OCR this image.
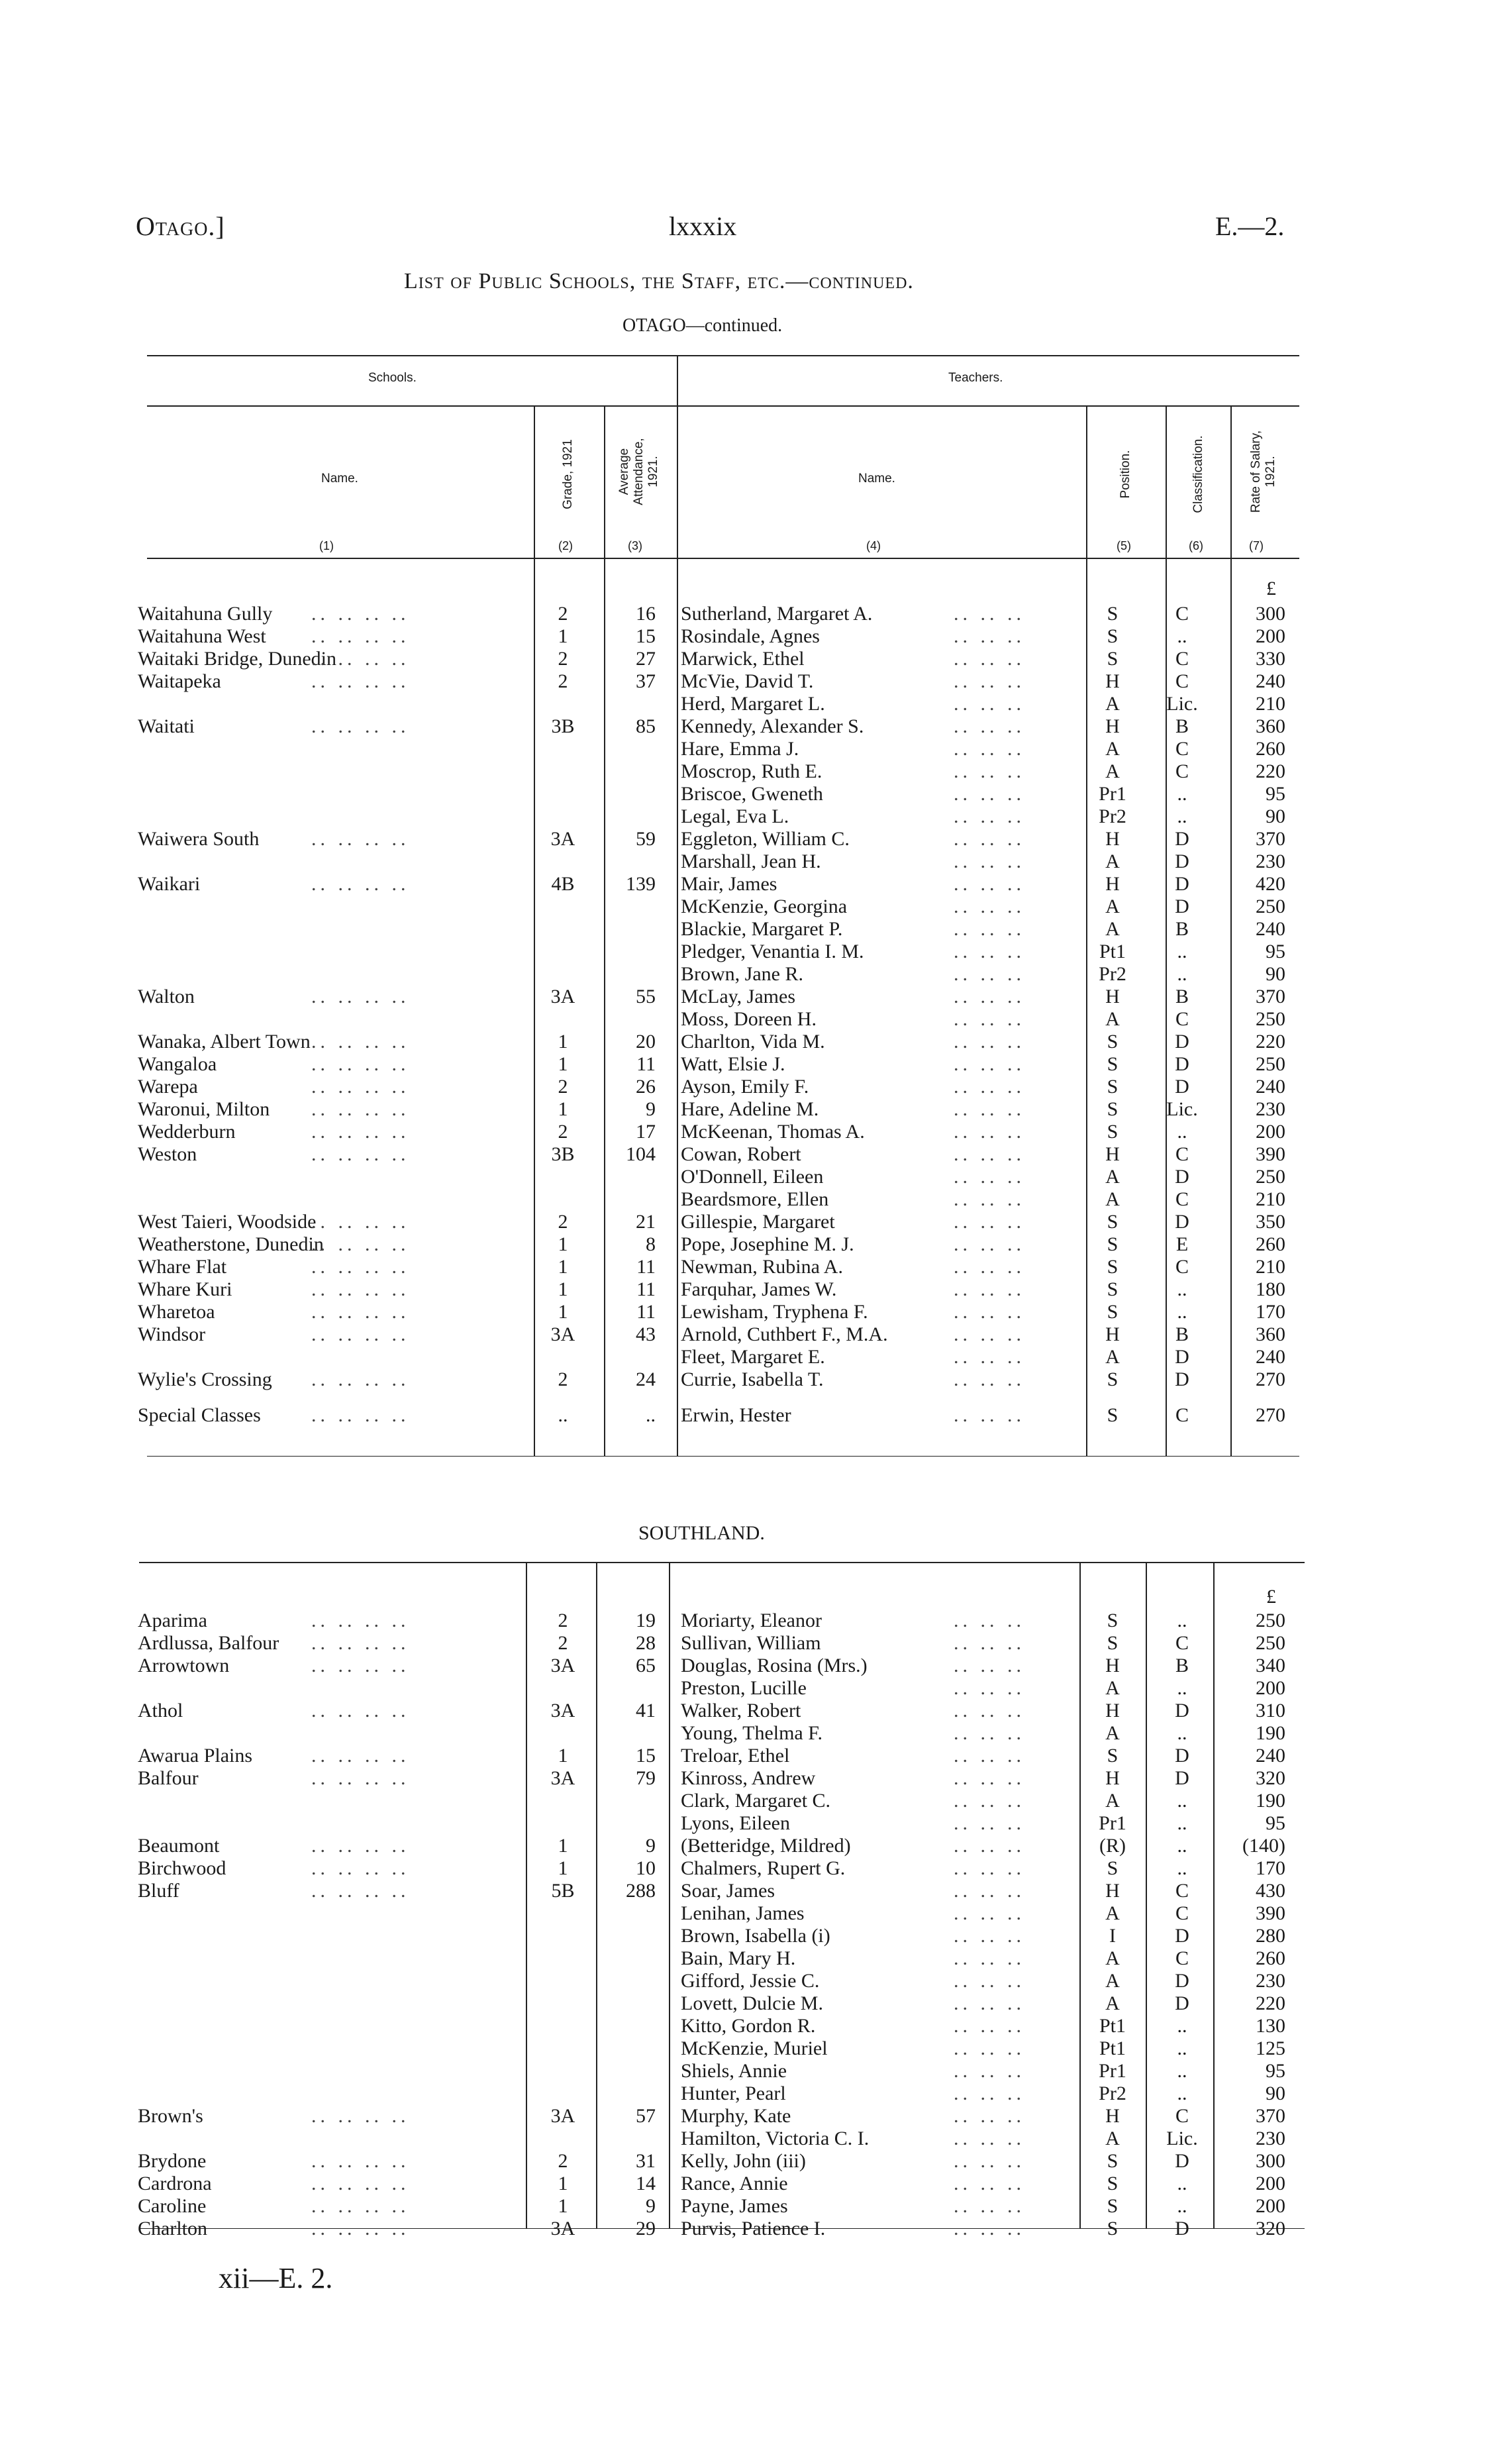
Otago.]	lxxxix	E.—2.
List of Public Schools, the Staff, etc.—continued.
OTAGO—continued.
Schools.	Teachers.
Name.	Grade, 1921	Average Attendance, 1921.	Name.	Position.	Classification.	Rate of Salary, 1921.
(1)	(2)	(3)	(4)	(5)	(6)	(7)
£
Waitahuna Gully	2	16 Sutherland, Margaret A.	S	C	300
.. .. .. ..	.. .. ..
Waitahuna West	1	15 Rosindale, Agnes	S	..	200
.. .. .. ..	.. .. ..
Waitaki Bridge, Dunedin	2	27 Marwick, Ethel	S	C	330
.. .. .. ..	.. .. ..
Waitapeka	2	37 McVie, David T.	H	C	240
.. .. .. ..	.. .. ..
Herd, Margaret L.	A	Lic.	210
.. .. ..
Waitati	3B	85 Kennedy, Alexander S.	H	B	360
.. .. .. ..	.. .. ..
Hare, Emma J.	A	C	260
.. .. ..
Moscrop, Ruth E.	A	C	220
.. .. ..
Briscoe, Gweneth	Pr1	..	95
.. .. ..
Legal, Eva L.	Pr2	..	90
.. .. ..
Waiwera South	3A	59 Eggleton, William C.	H	D	370
.. .. .. ..	.. .. ..
Marshall, Jean H.	A	D	230
.. .. ..
Waikari	4B	139 Mair, James	H	D	420
.. .. .. ..	.. .. ..
McKenzie, Georgina	A	D	250
.. .. ..
Blackie, Margaret P.	A	B	240
.. .. ..
Pledger, Venantia I. M.	Pt1	..	95
.. .. ..
Brown, Jane R.	Pr2	..	90
.. .. ..
Walton	3A	55 McLay, James	H	B	370
.. .. .. ..	.. .. ..
Moss, Doreen H.	A	C	250
.. .. ..
Wanaka, Albert Town	1	20 Charlton, Vida M.	S	D	220
.. .. .. ..	.. .. ..
Wangaloa	1	11 Watt, Elsie J.	S	D	250
.. .. .. ..	.. .. ..
Warepa	2	26 Ayson, Emily F.	S	D	240
.. .. .. ..	.. .. ..
Waronui, Milton	1	9 Hare, Adeline M.	S	Lic.	230
.. .. .. ..	.. .. ..
Wedderburn	2	17 McKeenan, Thomas A.	S	..	200
.. .. .. ..	.. .. ..
Weston	3B	104 Cowan, Robert	H	C	390
.. .. .. ..	.. .. ..
O'Donnell, Eileen	A	D	250
.. .. ..
Beardsmore, Ellen	A	C	210
.. .. ..
West Taieri, Woodside	2	21 Gillespie, Margaret	S	D	350
.. .. .. ..	.. .. ..
Weatherstone, Dunedin	1	8 Pope, Josephine M. J.	S	E	260
.. .. .. ..	.. .. ..
Whare Flat	1	11 Newman, Rubina A.	S	C	210
.. .. .. ..	.. .. ..
Whare Kuri	1	11 Farquhar, James W.	S	..	180
.. .. .. ..	.. .. ..
Wharetoa	1	11 Lewisham, Tryphena F.	S	..	170
.. .. .. ..	.. .. ..
Windsor	3A	43 Arnold, Cuthbert F., M.A.	H	B	360
.. .. .. ..	.. .. ..
Fleet, Margaret E.	A	D	240
.. .. ..
Wylie's Crossing	2	24 Currie, Isabella T.	S	D	270
.. .. .. ..	.. .. ..
Special Classes	..	.. Erwin, Hester	S	C	270
.. .. .. ..	.. .. ..
SOUTHLAND.
£
Aparima	2	19 Moriarty, Eleanor	S	..	250
.. .. .. ..	.. .. ..
Ardlussa, Balfour	2	28 Sullivan, William	S	C	250
.. .. .. ..	.. .. ..
Arrowtown	3A	65 Douglas, Rosina (Mrs.)	H	B	340
.. .. .. ..	.. .. ..
Preston, Lucille	A	..	200
.. .. ..
Athol	3A	41 Walker, Robert	H	D	310
.. .. .. ..	.. .. ..
Young, Thelma F.	A	..	190
.. .. ..
Awarua Plains	1	15 Treloar, Ethel	S	D	240
.. .. .. ..	.. .. ..
Balfour	3A	79 Kinross, Andrew	H	D	320
.. .. .. ..	.. .. ..
Clark, Margaret C.	A	..	190
.. .. ..
Lyons, Eileen	Pr1	..	95
.. .. ..
Beaumont	1	9 (Betteridge, Mildred)	(R)	..	(140)
.. .. .. ..	.. .. ..
Birchwood	1	10 Chalmers, Rupert G.	S	..	170
.. .. .. ..	.. .. ..
Bluff	5B	288 Soar, James	H	C	430
.. .. .. ..	.. .. ..
Lenihan, James	A	C	390
.. .. ..
Brown, Isabella (i)	I	D	280
.. .. ..
Bain, Mary H.	A	C	260
.. .. ..
Gifford, Jessie C.	A	D	230
.. .. ..
Lovett, Dulcie M.	A	D	220
.. .. ..
Kitto, Gordon R.	Pt1	..	130
.. .. ..
McKenzie, Muriel	Pt1	..	125
.. .. ..
Shiels, Annie	Pr1	..	95
.. .. ..
Hunter, Pearl	Pr2	..	90
.. .. ..
Brown's	3A	57 Murphy, Kate	H	C	370
.. .. .. ..	.. .. ..
Hamilton, Victoria C. I.	A	Lic.	230
.. .. ..
Brydone	2	31 Kelly, John (iii)	S	D	300
.. .. .. ..	.. .. ..
Cardrona	1	14 Rance, Annie	S	..	200
.. .. .. ..	.. .. ..
Caroline	1	9 Payne, James	S	..	200
.. .. .. ..	.. .. ..
Charlton	3A	29 Purvis, Patience I.	S	D	320
.. .. .. ..	.. .. ..
xii—E. 2.
